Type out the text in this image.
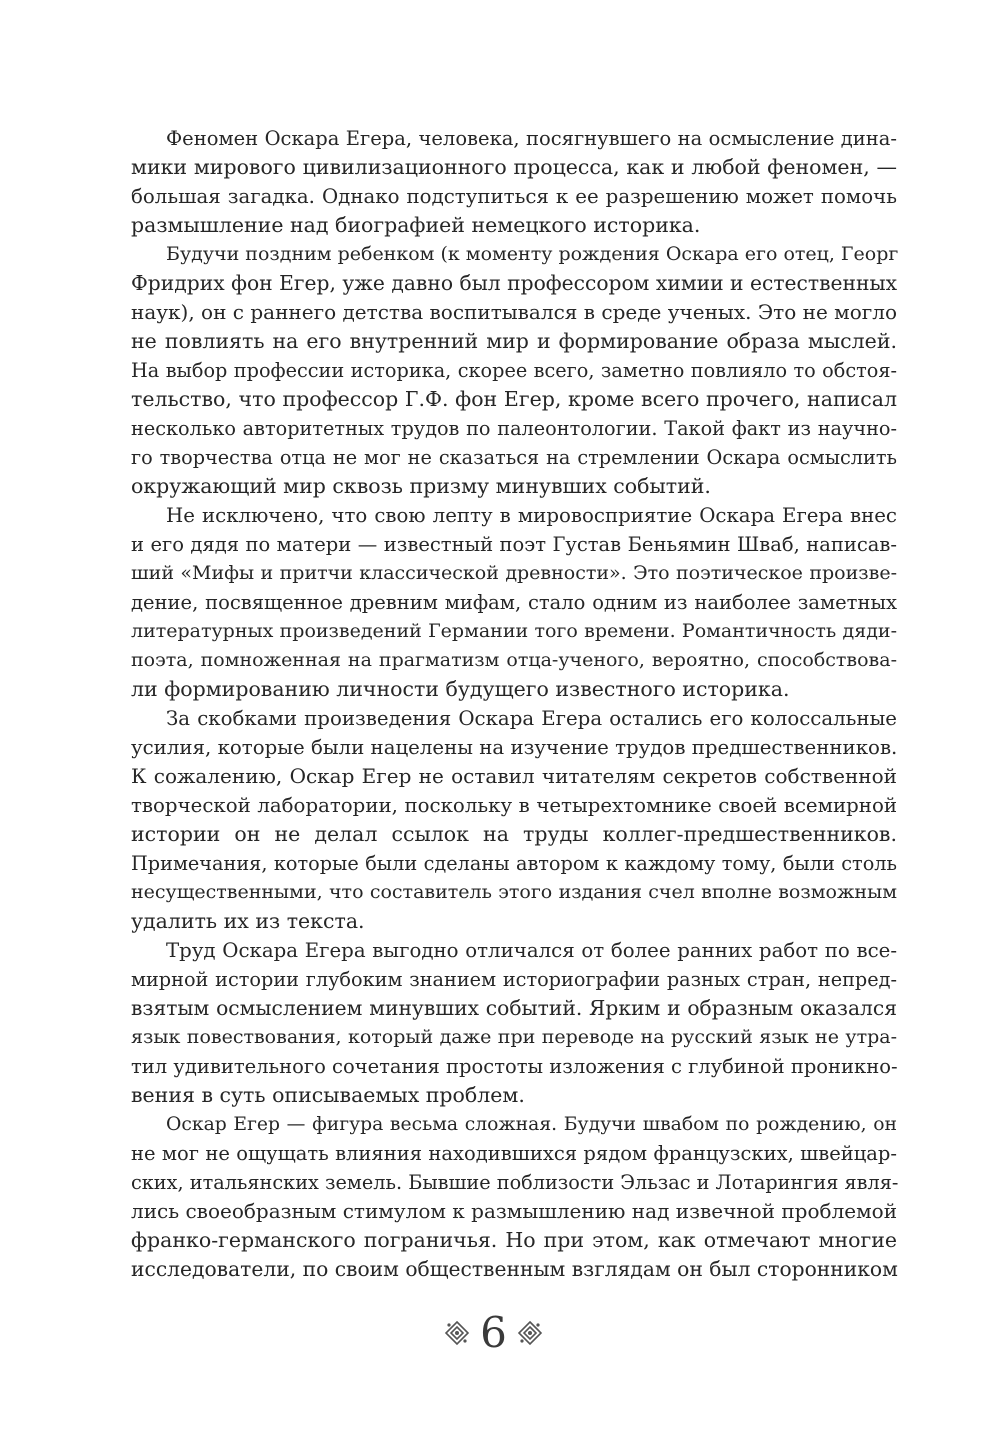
Феномен Оскара Егера, человека, посягнувшего на осмысление дина-
мики мирового цивилизационного процесса, как и любой феномен, —
большая загадка. Однако подступиться к ее разрешению может помочь
размышление над биографией немецкого историка.
Будучи поздним ребенком (к моменту рождения Оскара его отец, Георг
Фридрих фон Егер, уже давно был профессором химии и естественных
наук), он с раннего детства воспитывался в среде ученых. Это не могло
не повлиять на его внутренний мир и формирование образа мыслей.
На выбор профессии историка, скорее всего, заметно повлияло то обстоя-
тельство, что профессор Г.Ф. фон Егер, кроме всего прочего, написал
несколько авторитетных трудов по палеонтологии. Такой факт из научно-
го творчества отца не мог не сказаться на стремлении Оскара осмыслить
окружающий мир сквозь призму минувших событий.
Не исключено, что свою лепту в мировосприятие Оскара Егера внес
и его дядя по матери — известный поэт Густав Беньямин Шваб, написав-
ший «Мифы и притчи классической древности». Это поэтическое произве-
дение, посвященное древним мифам, стало одним из наиболее заметных
литературных произведений Германии того времени. Романтичность дяди-
поэта, помноженная на прагматизм отца-ученого, вероятно, способствова-
ли формированию личности будущего известного историка.
За скобками произведения Оскара Егера остались его колоссальные
усилия, которые были нацелены на изучение трудов предшественников.
К сожалению, Оскар Егер не оставил читателям секретов собственной
творческой лаборатории, поскольку в четырехтомнике своей всемирной
истории он не делал ссылок на труды коллег-предшественников.
Примечания, которые были сделаны автором к каждому тому, были столь
несущественными, что составитель этого издания счел вполне возможным
удалить их из текста.
Труд Оскара Егера выгодно отличался от более ранних работ по все-
мирной истории глубоким знанием историографии разных стран, непред-
взятым осмыслением минувших событий. Ярким и образным оказался
язык повествования, который даже при переводе на русский язык не утра-
тил удивительного сочетания простоты изложения с глубиной проникно-
вения в суть описываемых проблем.
Оскар Егер — фигура весьма сложная. Будучи швабом по рождению, он
не мог не ощущать влияния находившихся рядом французских, швейцар-
ских, итальянских земель. Бывшие поблизости Эльзас и Лотарингия явля-
лись своеобразным стимулом к размышлению над извечной проблемой
франко-германского пограничья. Но при этом, как отмечают многие
исследователи, по своим общественным взглядам он был сторонником
6
